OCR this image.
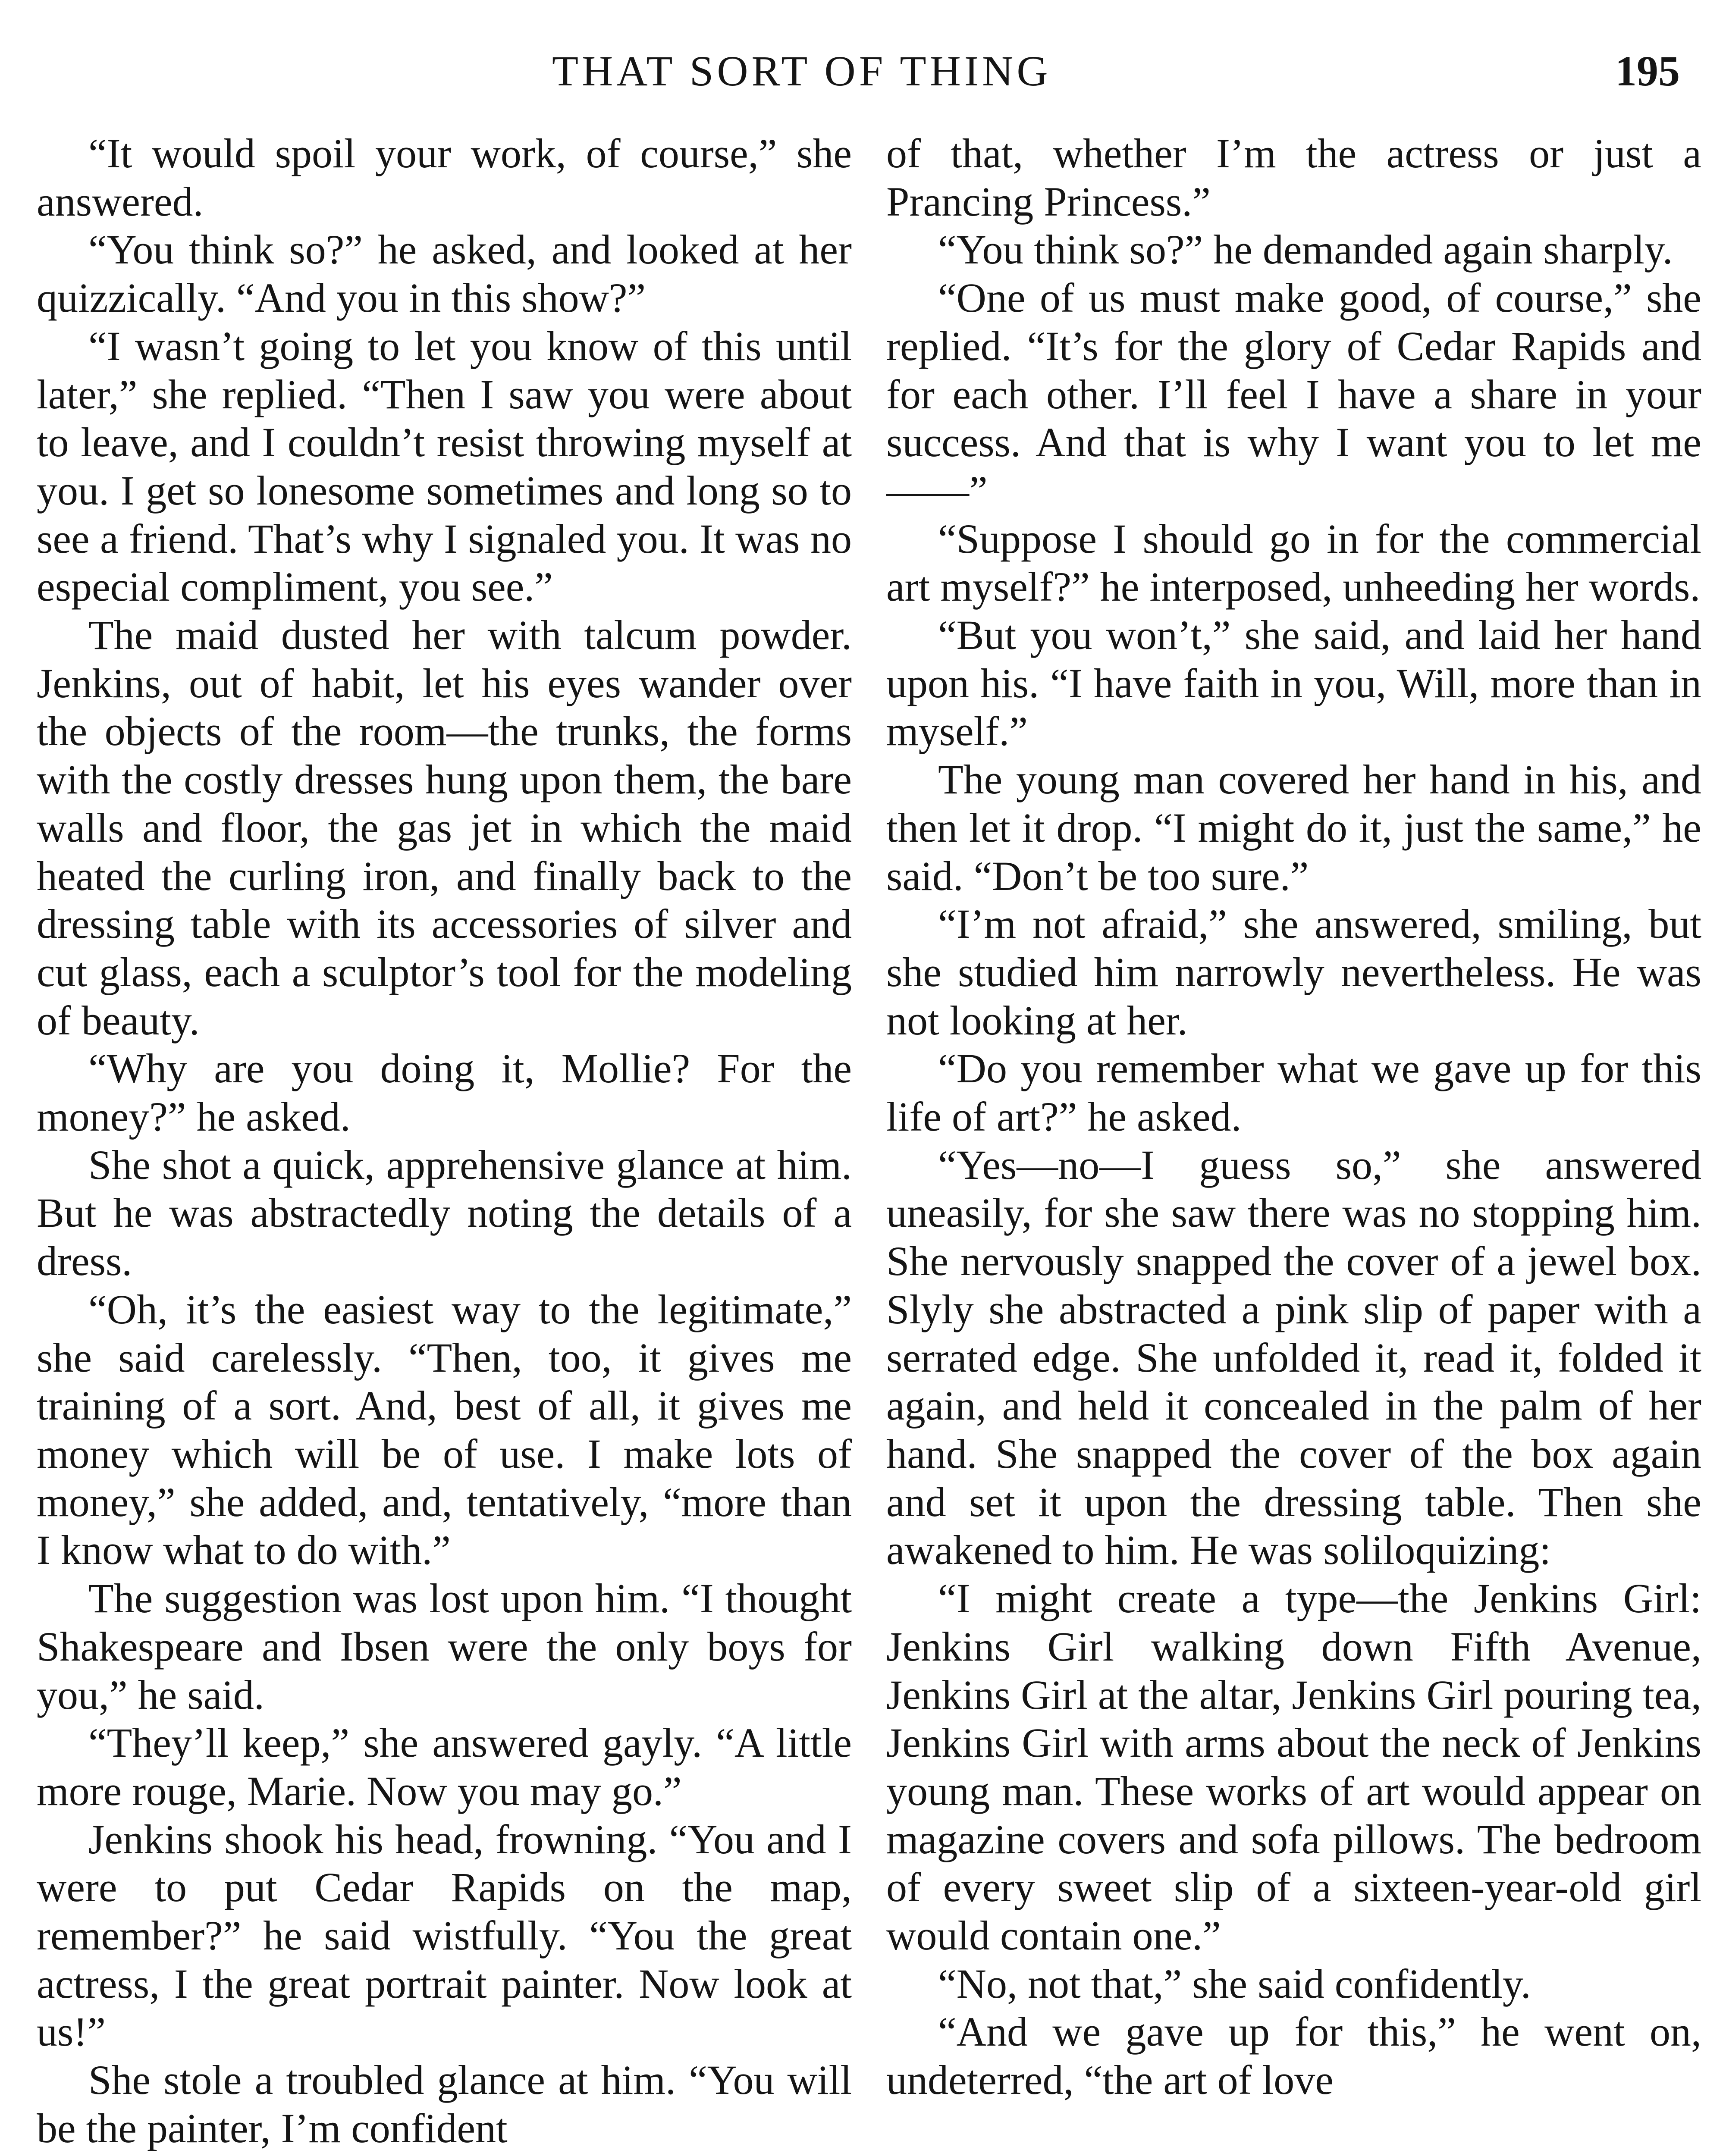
THAT SORT OF THING	195

“It would spoil your work, of course,” she answered.

“You think so?” he asked, and looked at her quizzically. “And you in this show?”

“I wasn’t going to let you know of this until later,” she replied. “Then I saw you were about to leave, and I couldn’t resist throwing myself at you. I get so lonesome sometimes and long so to see a friend. That’s why I signaled you. It was no especial compliment, you see.”

The maid dusted her with talcum powder. Jenkins, out of habit, let his eyes wander over the objects of the room—the trunks, the forms with the costly dresses hung upon them, the bare walls and floor, the gas jet in which the maid heated the curling iron, and finally back to the dressing table with its accessories of silver and cut glass, each a sculptor’s tool for the modeling of beauty.

“Why are you doing it, Mollie? For the money?” he asked.

She shot a quick, apprehensive glance at him. But he was abstractedly noting the details of a dress.

“Oh, it’s the easiest way to the legitimate,” she said carelessly. “Then, too, it gives me training of a sort. And, best of all, it gives me money which will be of use. I make lots of money,” she added, and, tentatively, “more than I know what to do with.”

The suggestion was lost upon him. “I thought Shakespeare and Ibsen were the only boys for you,” he said.

“They’ll keep,” she answered gayly. “A little more rouge, Marie. Now you may go.”

Jenkins shook his head, frowning. “You and I were to put Cedar Rapids on the map, remember?” he said wistfully. “You the great actress, I the great portrait painter. Now look at us!”

She stole a troubled glance at him. “You will be the painter, I’m confident

of that, whether I’m the actress or just a Prancing Princess.”

“You think so?” he demanded again sharply.

“One of us must make good, of course,” she replied. “It’s for the glory of Cedar Rapids and for each other. I’ll feel I have a share in your success. And that is why I want you to let me——”

“Suppose I should go in for the commercial art myself?” he interposed, unheeding her words.

“But you won’t,” she said, and laid her hand upon his. “I have faith in you, Will, more than in myself.”

The young man covered her hand in his, and then let it drop. “I might do it, just the same,” he said. “Don’t be too sure.”

“I’m not afraid,” she answered, smiling, but she studied him narrowly nevertheless. He was not looking at her.

“Do you remember what we gave up for this life of art?” he asked.

“Yes—no—I guess so,” she answered uneasily, for she saw there was no stopping him. She nervously snapped the cover of a jewel box. Slyly she abstracted a pink slip of paper with a serrated edge. She unfolded it, read it, folded it again, and held it concealed in the palm of her hand. She snapped the cover of the box again and set it upon the dressing table. Then she awakened to him. He was soliloquizing:

“I might create a type—the Jenkins Girl: Jenkins Girl walking down Fifth Avenue, Jenkins Girl at the altar, Jenkins Girl pouring tea, Jenkins Girl with arms about the neck of Jenkins young man. These works of art would appear on magazine covers and sofa pillows. The bedroom of every sweet slip of a sixteen-year-old girl would contain one.”

“No, not that,” she said confidently.

“And we gave up for this,” he went on, undeterred, “the art of love
